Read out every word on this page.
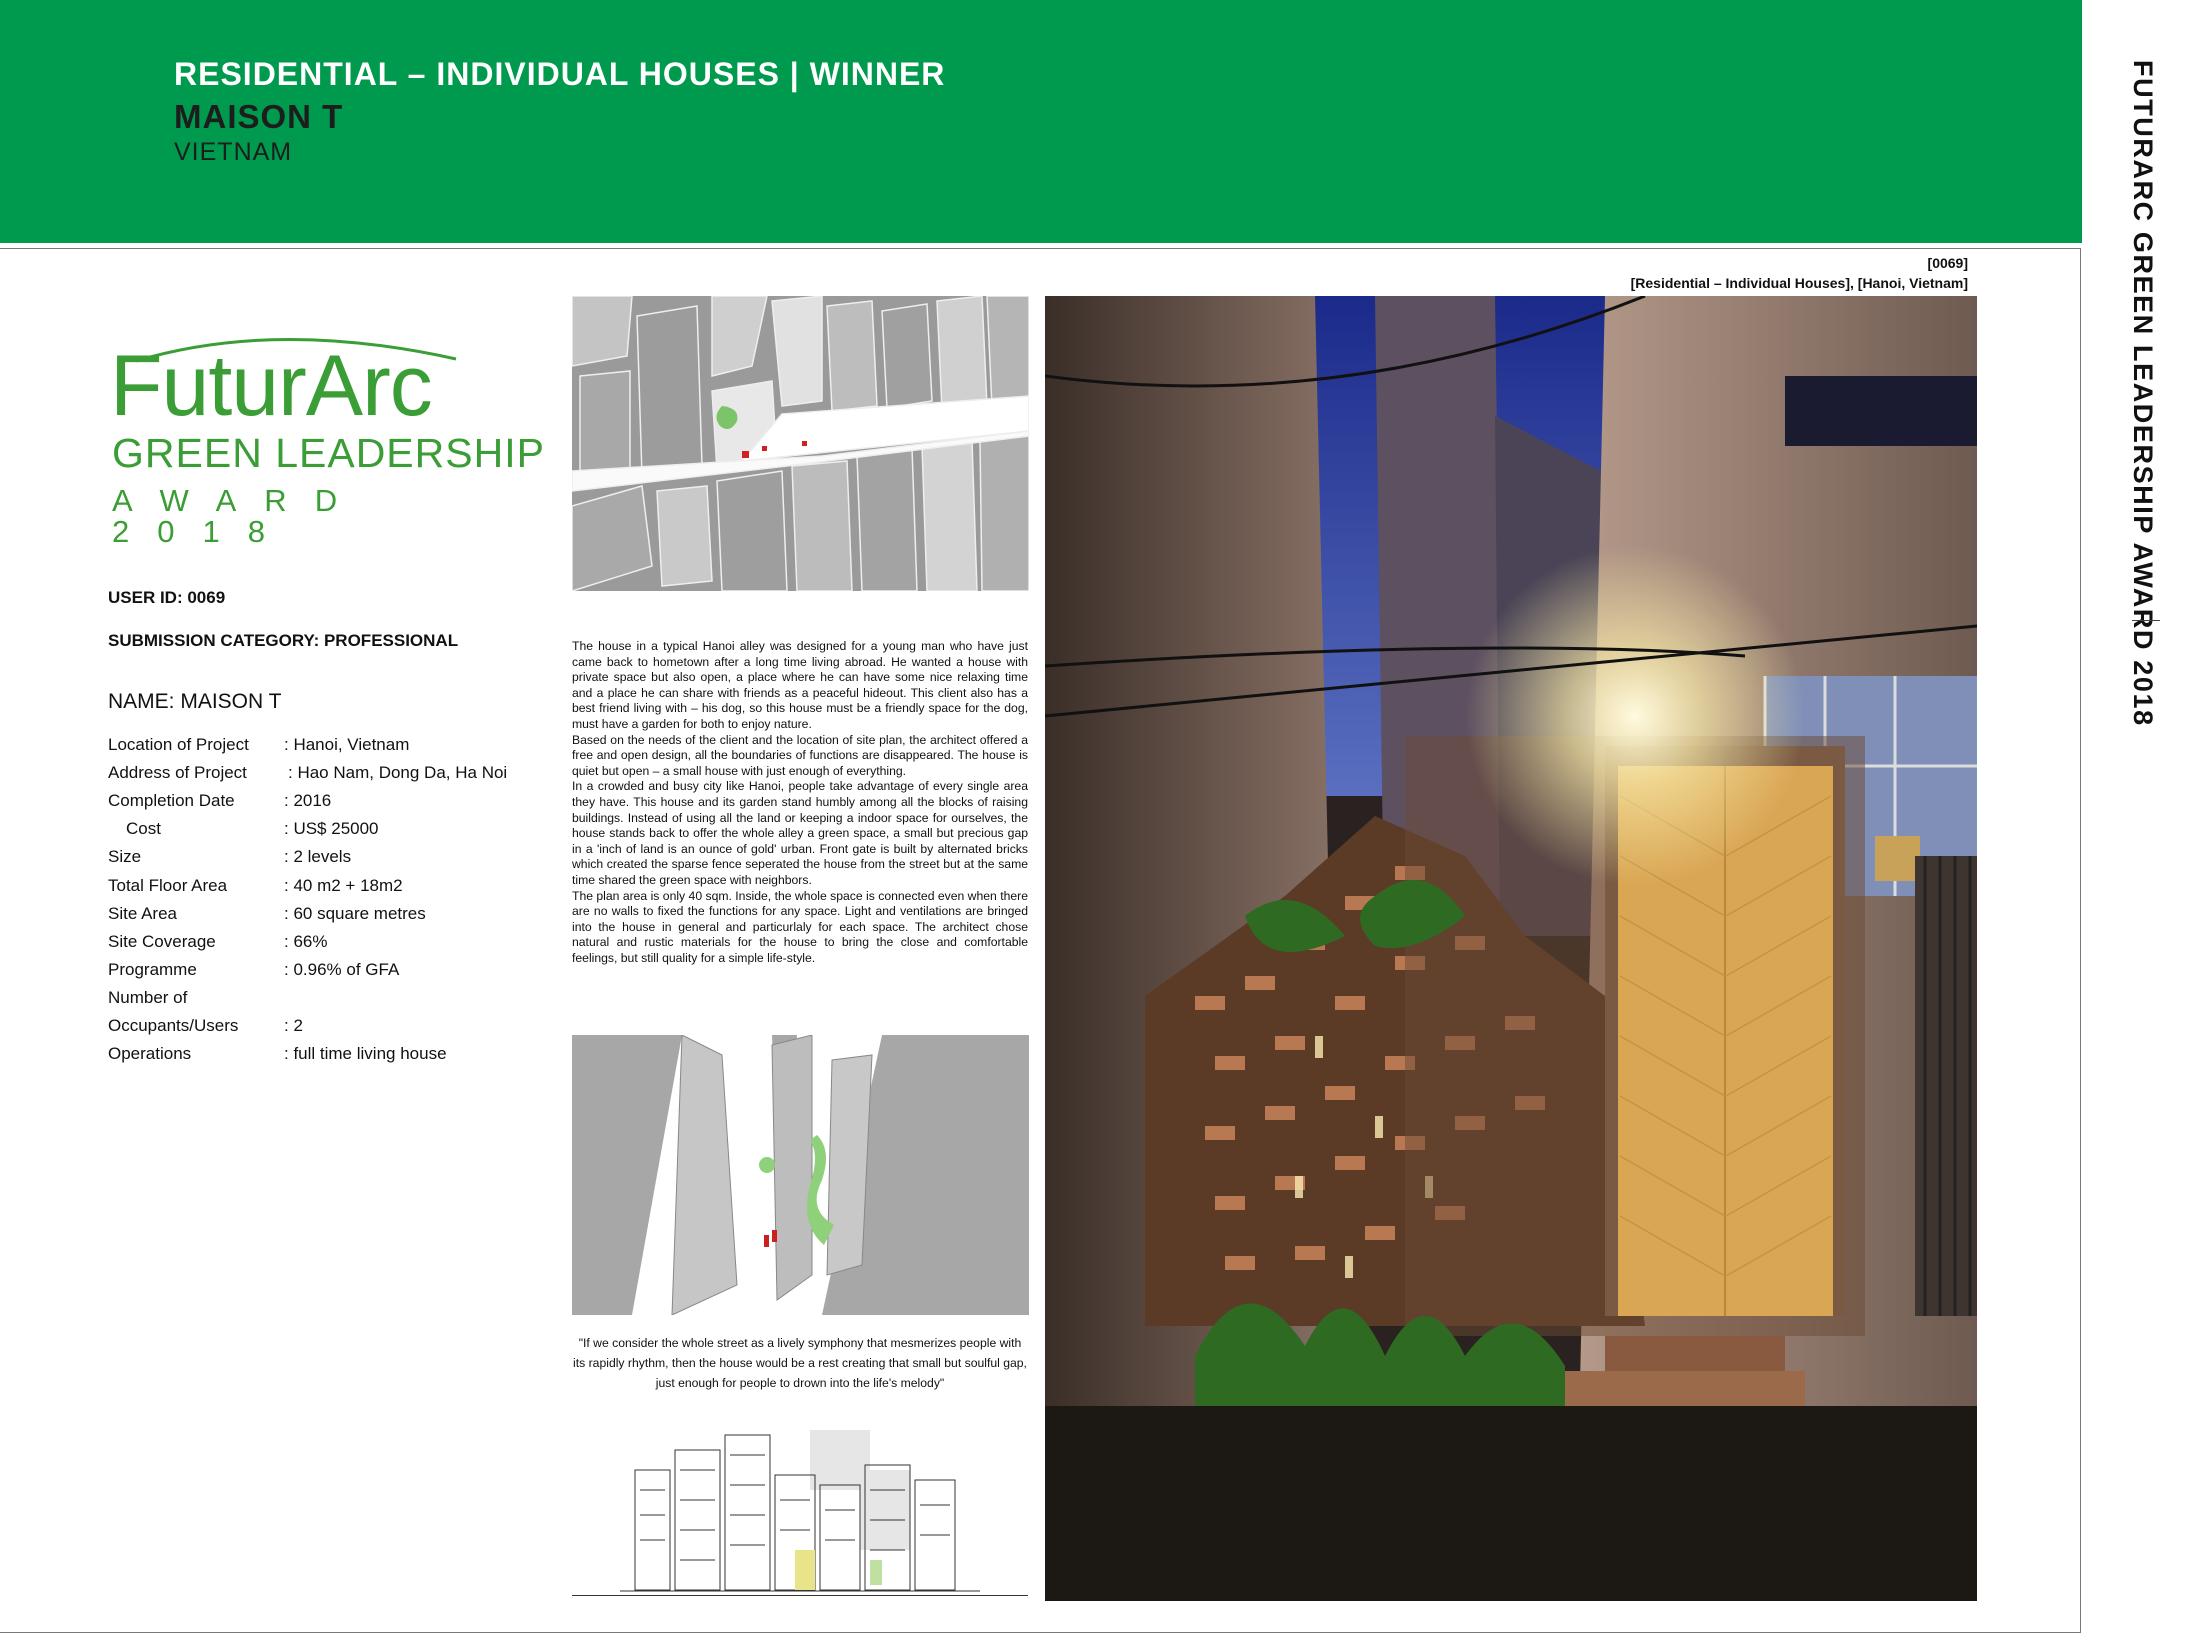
RESIDENTIAL – INDIVIDUAL HOUSES | WINNER
MAISON T
VIETNAM	FUTURARC GREEN LEADERSHIP AWARD 2018
[0069]
[Residential – Individual Houses], [Hanoi, Vietnam]
FuturArc
GREEN LEADERSHIP
AWARD 2018
USER ID: 0069
SUBMISSION CATEGORY: PROFESSIONAL
NAME: MAISON T
Location of Project : Hanoi, Vietnam
Address of Project : Hao Nam, Dong Da, Ha Noi
Completion Date	: 2016
Cost	: US$ 25000
Size	: 2 levels
Total Floor Area	: 40 m2 + 18m2
Site Area	: 60 square metres
Site Coverage	: 66%
Programme	: 0.96% of GFA
Number of
Occupants/Users	: 2
Operations	: full time living house

The house in a typical Hanoi alley was designed for a young man who have just came back to hometown after a long time living abroad. He wanted a house with private space but also open, a place where he can have some nice relaxing time and a place he can share with friends as a peaceful hideout. This client also has a best friend living with – his dog, so this house must be a friendly space for the dog, must have a garden for both to enjoy nature.

Based on the needs of the client and the location of site plan, the architect offered a free and open design, all the boundaries of functions are disappeared. The house is quiet but open – a small house with just enough of everything.

In a crowded and busy city like Hanoi, people take advantage of every single area they have. This house and its garden stand humbly among all the blocks of raising buildings. Instead of using all the land or keeping a indoor space for ourselves, the house stands back to offer the whole alley a green space, a small but precious gap in a 'inch of land is an ounce of gold' urban. Front gate is built by alternated bricks which created the sparse fence seperated the house from the street but at the same time shared the green space with neighbors.

The plan area is only 40 sqm. Inside, the whole space is connected even when there are no walls to fixed the functions for any space. Light and ventilations are bringed into the house in general and particurlaly for each space. The architect chose natural and rustic materials for the house to bring the close and comfortable feelings, but still quality for a simple life-style.

"If we consider the whole street as a lively symphony that mesmerizes people with its rapidly rhythm, then the house would be a rest creating that small but soulful gap, just enough for people to drown into the life's melody"
